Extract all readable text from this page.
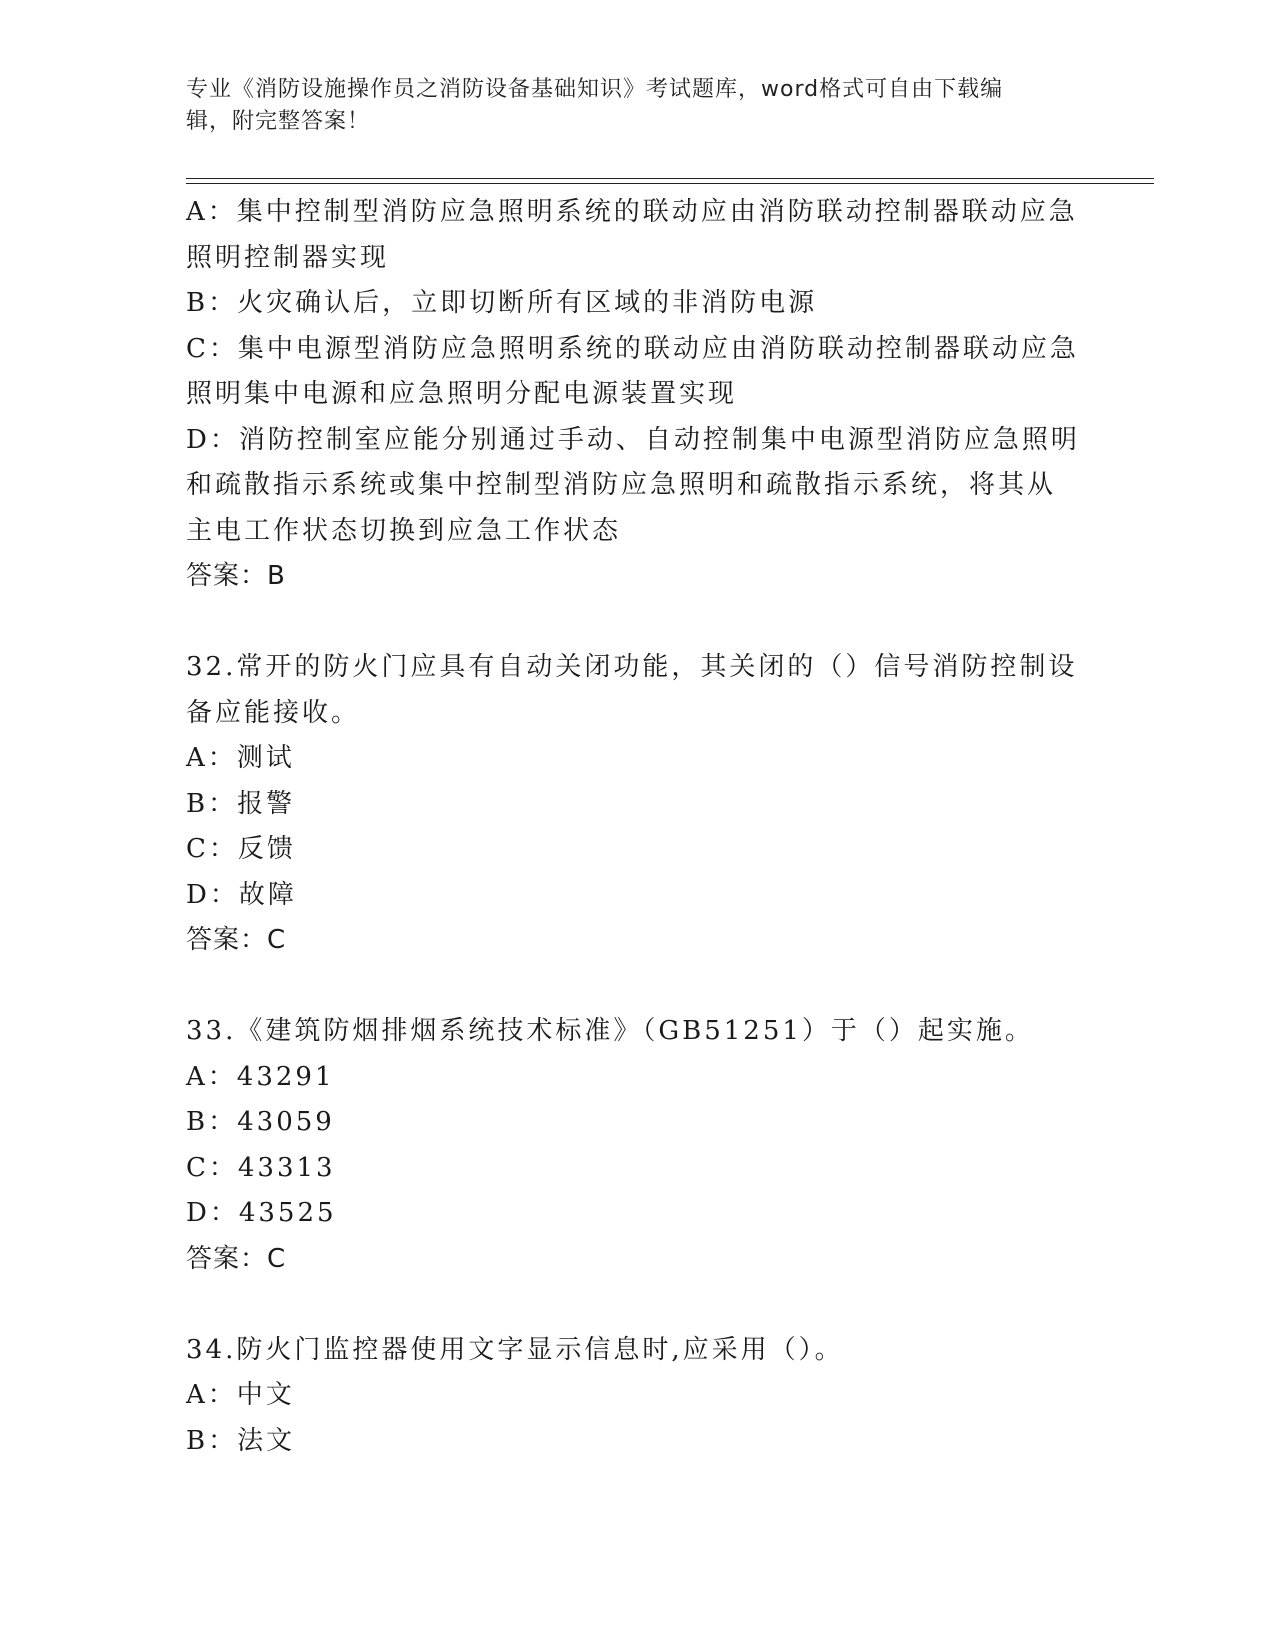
专业《消防设施操作员之消防设备基础知识》考试题库，word格式可自由下载编
辑，附完整答案！
A：集中控制型消防应急照明系统的联动应由消防联动控制器联动应急
照明控制器实现
B：火灾确认后，立即切断所有区域的非消防电源
C：集中电源型消防应急照明系统的联动应由消防联动控制器联动应急
照明集中电源和应急照明分配电源装置实现
D：消防控制室应能分别通过手动、自动控制集中电源型消防应急照明
和疏散指示系统或集中控制型消防应急照明和疏散指示系统，将其从
主电工作状态切换到应急工作状态
答案：B
32.常开的防火门应具有自动关闭功能，其关闭的（）信号消防控制设
备应能接收。
A：测试
B：报警
C：反馈
D：故障
答案：C
33.《建筑防烟排烟系统技术标准》（GB51251）于（）起实施。
A：43291
B：43059
C：43313
D：43525
答案：C
34.防火门监控器使用文字显示信息时,应采用（）。
A：中文
B：法文
